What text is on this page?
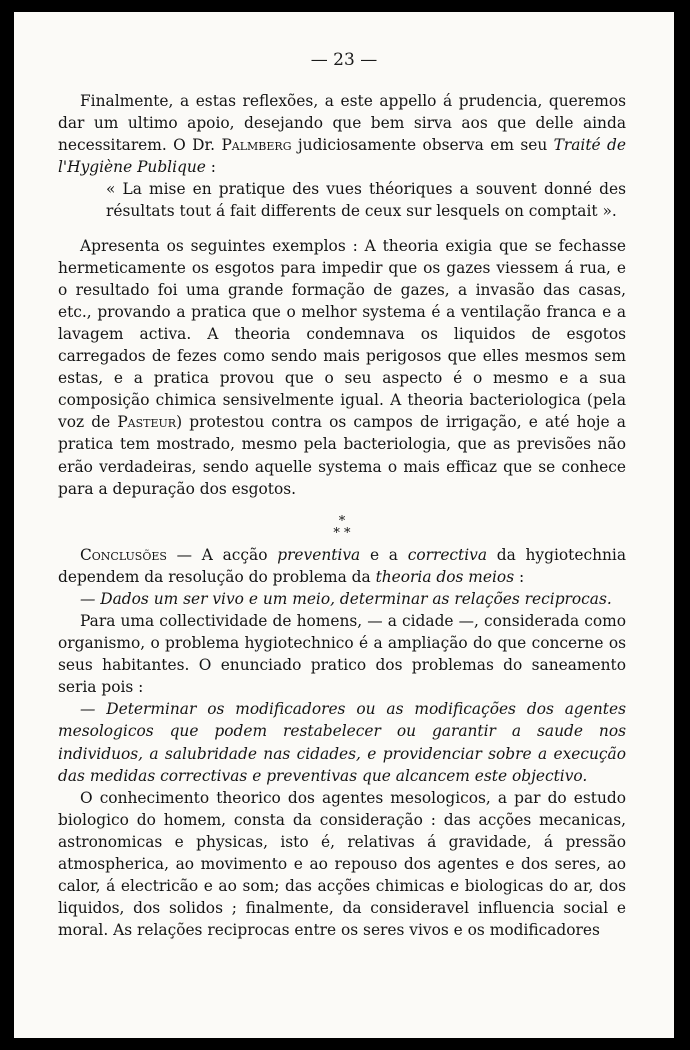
— 23 —

Finalmente, a estas reflexões, a este appello á prudencia, queremos dar um ultimo apoio, desejando que bem sirva aos que delle ainda necessitarem. O Dr. Palmberg judiciosamente observa em seu Traité de l'Hygiène Publique :

« La mise en pratique des vues théoriques a souvent donné des résultats tout á fait differents de ceux sur lesquels on comptait ».

Apresenta os seguintes exemplos : A theoria exigia que se fechasse hermeticamente os esgotos para impedir que os gazes viessem á rua, e o resultado foi uma grande formação de gazes, a invasão das casas, etc., provando a pratica que o melhor systema é a ventilação franca e a lavagem activa. A theoria condemnava os liquidos de esgotos carregados de fezes como sendo mais perigosos que elles mesmos sem estas, e a pratica provou que o seu aspecto é o mesmo e a sua composição chimica sensivelmente igual. A theoria bacteriologica (pela voz de Pasteur) protestou contra os campos de irrigação, e até hoje a pratica tem mostrado, mesmo pela bacteriologia, que as previsões não erão verdadeiras, sendo aquelle systema o mais efficaz que se conhece para a depuração dos esgotos.

*
* *

Conclusões — A acção preventiva e a correctiva da hygiotechnia dependem da resolução do problema da theoria dos meios :

— Dados um ser vivo e um meio, determinar as relações reciprocas.

Para uma collectividade de homens, — a cidade —, considerada como organismo, o problema hygiotechnico é a ampliação do que concerne os seus habitantes. O enunciado pratico dos problemas do saneamento seria pois :

— Determinar os modificadores ou as modificações dos agentes mesologicos que podem restabelecer ou garantir a saude nos individuos, a salubridade nas cidades, e providenciar sobre a execução das medidas correctivas e preventivas que alcancem este objectivo.

O conhecimento theorico dos agentes mesologicos, a par do estudo biologico do homem, consta da consideração : das acções mecanicas, astronomicas e physicas, isto é, relativas á gravidade, á pressão atmospherica, ao movimento e ao repouso dos agentes e dos seres, ao calor, á electricão e ao som; das acções chimicas e biologicas do ar, dos liquidos, dos solidos ; finalmente, da consideravel influencia social e moral. As relações reciprocas entre os seres vivos e os modificadores
